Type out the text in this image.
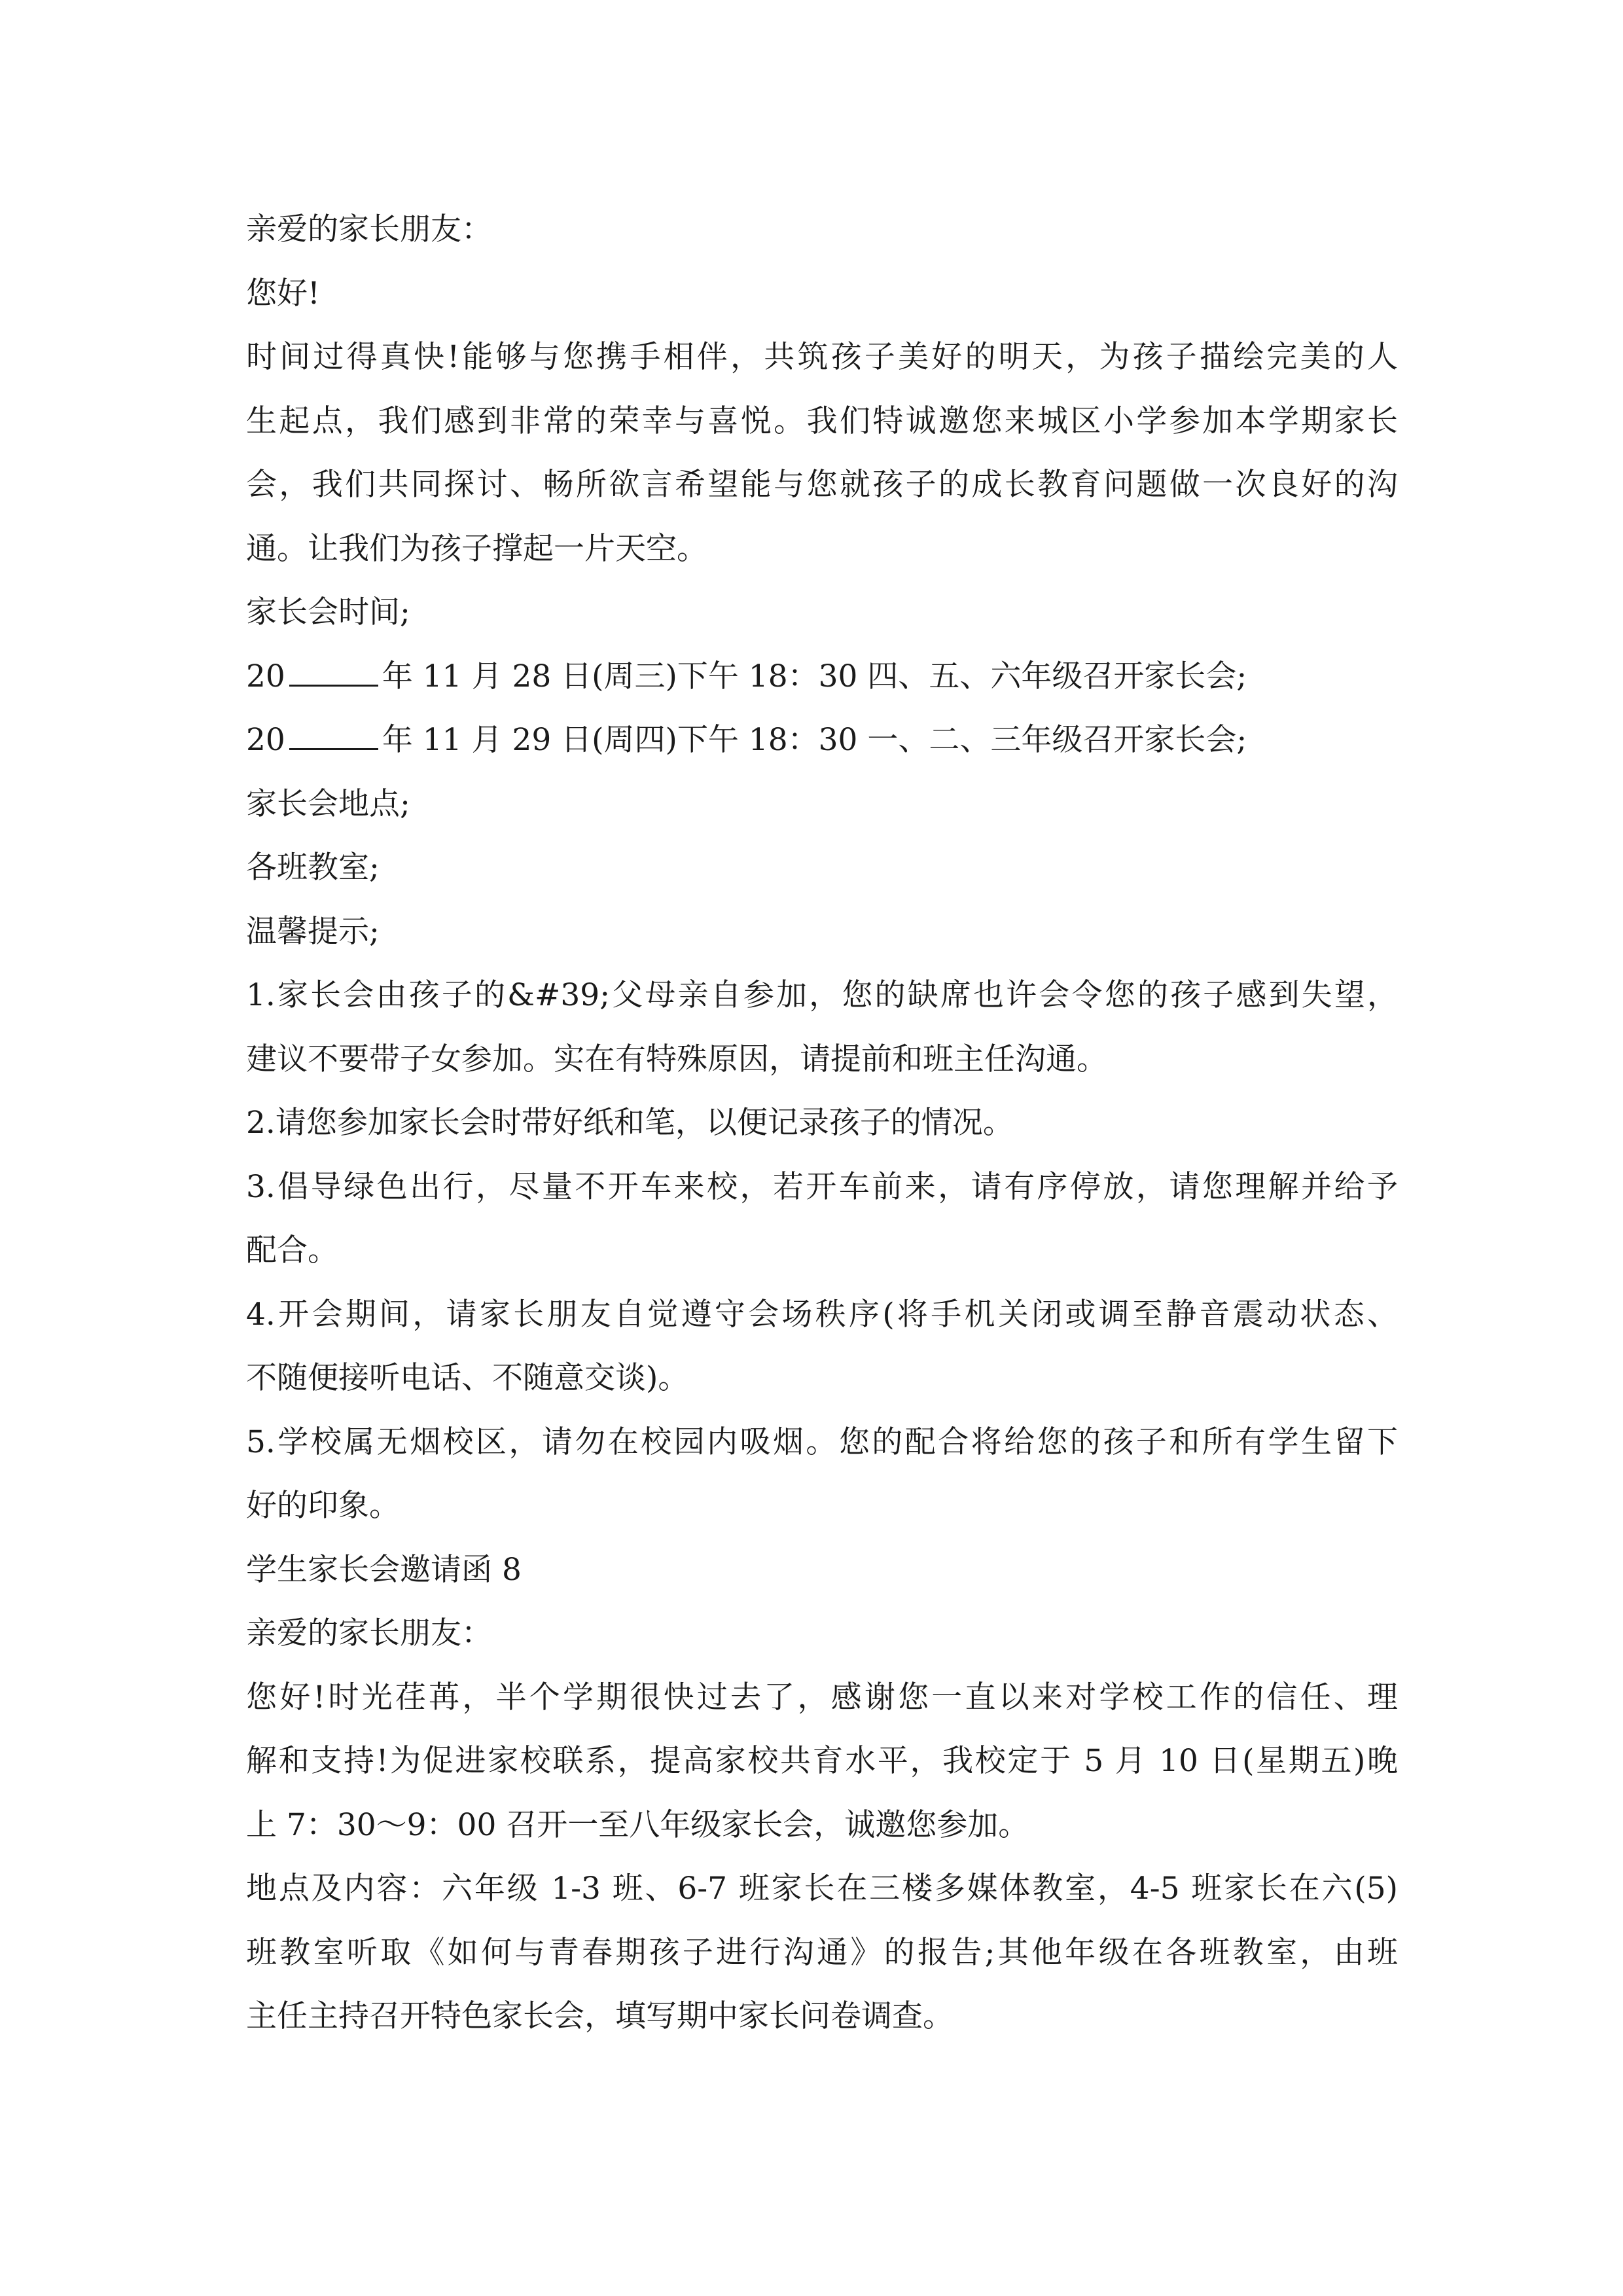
亲爱的家长朋友：
您好!
时间过得真快!能够与您携手相伴，共筑孩子美好的明天，为孩子描绘完美的人
生起点，我们感到非常的荣幸与喜悦。我们特诚邀您来城区小学参加本学期家长
会，我们共同探讨、畅所欲言希望能与您就孩子的成长教育问题做一次良好的沟
通。让我们为孩子撑起一片天空。
家长会时间;
20	年 11 月 28 日(周三)下午 18：30 四、五、六年级召开家长会;
20	年 11 月 29 日(周四)下午 18：30 一、二、三年级召开家长会;
家长会地点;
各班教室;
温馨提示;
1.家长会由孩子的&#39;父母亲自参加，您的缺席也许会令您的孩子感到失望，
建议不要带子女参加。实在有特殊原因，请提前和班主任沟通。
2.请您参加家长会时带好纸和笔，以便记录孩子的情况。
3.倡导绿色出行，尽量不开车来校，若开车前来，请有序停放，请您理解并给予
配合。
4.开会期间，请家长朋友自觉遵守会场秩序(将手机关闭或调至静音震动状态、
不随便接听电话、不随意交谈)。
5.学校属无烟校区，请勿在校园内吸烟。您的配合将给您的孩子和所有学生留下
好的印象。
学生家长会邀请函 8
亲爱的家长朋友：
您好!时光荏苒，半个学期很快过去了，感谢您一直以来对学校工作的信任、理
解和支持!为促进家校联系，提高家校共育水平，我校定于 5 月 10 日(星期五)晚
上 7：30～9：00 召开一至八年级家长会，诚邀您参加。
地点及内容：六年级 1-3 班、6-7 班家长在三楼多媒体教室，4-5 班家长在六(5)
班教室听取《如何与青春期孩子进行沟通》的报告;其他年级在各班教室，由班
主任主持召开特色家长会，填写期中家长问卷调查。
